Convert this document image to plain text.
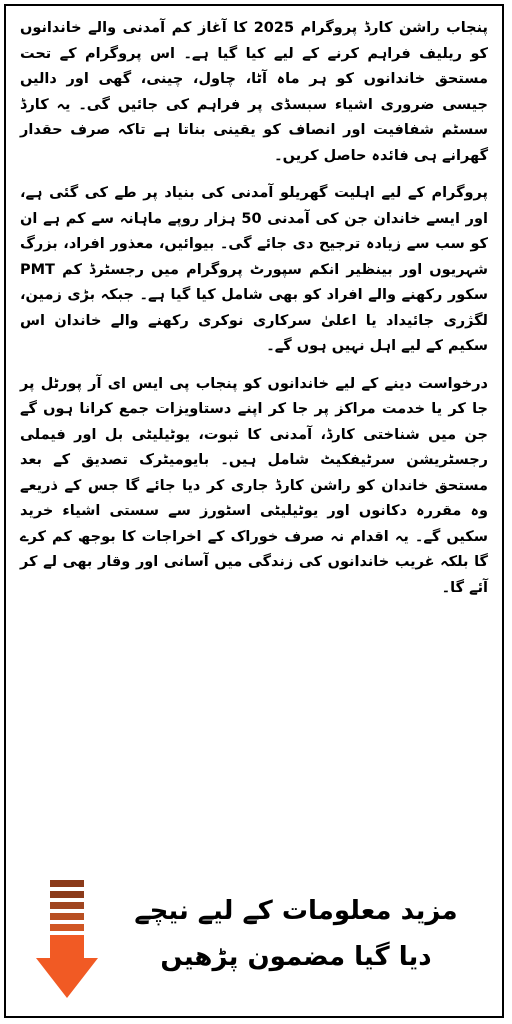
پنجاب راشن کارڈ پروگرام 2025 کا آغاز کم آمدنی والے خاندانوں کو ریلیف فراہم کرنے کے لیے کیا گیا ہے۔ اس پروگرام کے تحت مستحق خاندانوں کو ہر ماہ آٹا، چاول، چینی، گھی اور دالیں جیسی ضروری اشیاء سبسڈی پر فراہم کی جائیں گی۔ یہ کارڈ سسٹم شفافیت اور انصاف کو یقینی بناتا ہے تاکہ صرف حقدار گھرانے ہی فائدہ حاصل کریں۔

پروگرام کے لیے اہلیت گھریلو آمدنی کی بنیاد پر طے کی گئی ہے، اور ایسے خاندان جن کی آمدنی 50 ہزار روپے ماہانہ سے کم ہے ان کو سب سے زیادہ ترجیح دی جائے گی۔ بیوائیں، معذور افراد، بزرگ شہریوں اور بینظیر انکم سپورٹ پروگرام میں رجسٹرڈ کم PMT سکور رکھنے والے افراد کو بھی شامل کیا گیا ہے۔ جبکہ بڑی زمین، لگژری جائیداد یا اعلیٰ سرکاری نوکری رکھنے والے خاندان اس سکیم کے لیے اہل نہیں ہوں گے۔

درخواست دینے کے لیے خاندانوں کو پنجاب پی ایس ای آر پورٹل پر جا کر یا خدمت مراکز پر جا کر اپنے دستاویزات جمع کرانا ہوں گے جن میں شناختی کارڈ، آمدنی کا ثبوت، یوٹیلیٹی بل اور فیملی رجسٹریشن سرٹیفکیٹ شامل ہیں۔ بایومیٹرک تصدیق کے بعد مستحق خاندان کو راشن کارڈ جاری کر دیا جائے گا جس کے ذریعے وہ مقررہ دکانوں اور یوٹیلیٹی اسٹورز سے سستی اشیاء خرید سکیں گے۔ یہ اقدام نہ صرف خوراک کے اخراجات کا بوجھ کم کرے گا بلکہ غریب خاندانوں کی زندگی میں آسانی اور وقار بھی لے کر آئے گا۔

مزید معلومات کے لیے نیچے
دیا گیا مضمون پڑھیں
